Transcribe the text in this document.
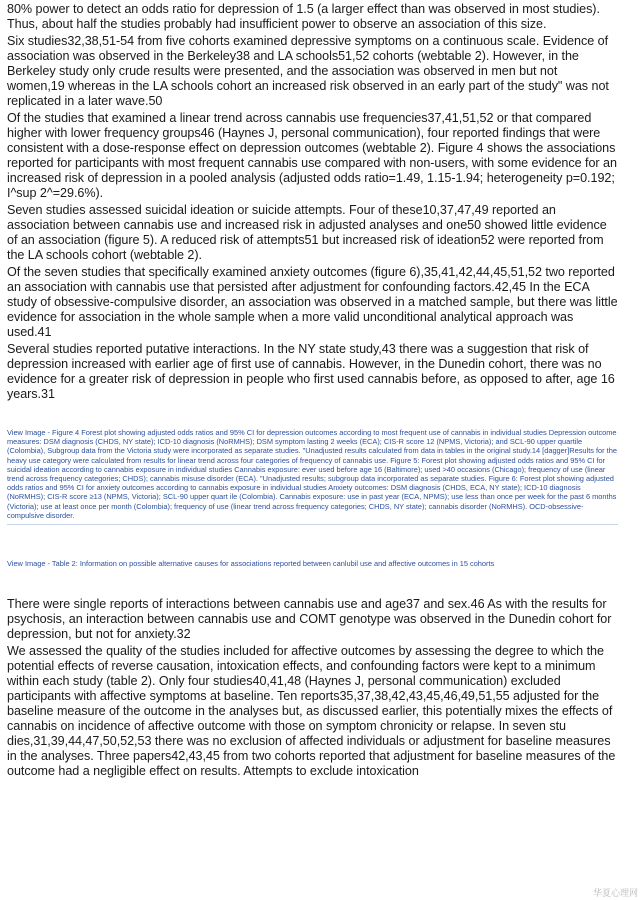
80% power to detect an odds ratio for depression of 1.5 (a larger effect than was observed in most studies). Thus, about half the studies probably had insufficient power to observe an association of this size.

Six studies32,38,51-54 from five cohorts examined depressive symptoms on a continuous scale. Evidence of association was observed in the Berkeley38 and LA schools51,52 cohorts (webtable 2). However, in the Berkeley study only crude results were presented, and the association was observed in men but not women,19 whereas in the LA schools cohort an increased risk observed in an early part of the study" was not replicated in a later wave.50

Of the studies that examined a linear trend across cannabis use frequencies37,41,51,52 or that compared higher with lower frequency groups46 (Haynes J, personal communication), four reported findings that were consistent with a dose-response effect on depression outcomes (webtable 2). Figure 4 shows the associations reported for participants with most frequent cannabis use compared with non-users, with some evidence for an increased risk of depression in a pooled analysis (adjusted odds ratio=1.49, 1.15-1.94; heterogeneity p=0.192; I^sup 2^=29.6%).

Seven studies assessed suicidal ideation or suicide attempts. Four of these10,37,47,49 reported an association between cannabis use and increased risk in adjusted analyses and one50 showed little evidence of an association (figure 5). A reduced risk of attempts51 but increased risk of ideation52 were reported from the LA schools cohort (webtable 2).

Of the seven studies that specifically examined anxiety outcomes (figure 6),35,41,42,44,45,51,52 two reported an association with cannabis use that persisted after adjustment for confounding factors.42,45 In the ECA study of obsessive-compulsive disorder, an association was observed in a matched sample, but there was little evidence for association in the whole sample when a more valid unconditional analytical approach was used.41

Several studies reported putative interactions. In the NY state study,43 there was a suggestion that risk of depression increased with earlier age of first use of cannabis. However, in the Dunedin cohort, there was no evidence for a greater risk of depression in people who first used cannabis before, as opposed to after, age 16 years.31

View Image - Figure 4 Forest plot showing adjusted odds ratios and 95% CI for depression outcomes according to most frequent use of cannabis in individual studies Depression outcome measures: DSM diagnosis (CHDS, NY state); ICD-10 diagnosis (NoRMHS); DSM symptom lasting 2 weeks (ECA); CIS-R score 12 (NPMS, Victoria); and SCL-90 upper quartile (Colombia), Subgroup data from the Victoria study were incorporated as separate studies. "Unadjusted results calculated from data in tables in the original study.14 [dagger]Results for the heavy use category were calculated from results for linear trend across four categories of frequency of cannabis use. Figure 5: Forest plot showing adjusted odds ratios and 95% CI for suicidal ideation according to cannabis exposure in individual studies Cannabis exposure: ever used before age 16 (Baltimore); used >40 occasions (Chicago); frequency of use (linear trend across frequency categories; CHDS); cannabis misuse disorder (ECA). "Unadjusted results; subgroup data incorporated as separate studies. Figure 6: Forest plot showing adjusted odds ratios and 95% CI for anxiety outcomes according to cannabis exposure in individual studies Anxiety outcomes: DSM diagnosis (CHDS, ECA, NY state); ICD-10 diagnosis (NoRMHS); CIS-R score ≥13 (NPMS, Victoria); SCL-90 upper quart ile (Colombia). Cannabis exposure: use in past year (ECA, NPMS); use less than once per week for the past 6 months (Victoria); use at least once per month (Colombia); frequency of use (linear trend across frequency categories; CHDS, NY state); cannabis disorder (NoRMHS). OCD-obsessive-compulsive disorder.

View Image - Table 2: Information on possible alternative causes for associations reported between canlubil use and affective outcomes in 15 cohorts

There were single reports of interactions between cannabis use and age37 and sex.46 As with the results for psychosis, an interaction between cannabis use and COMT genotype was observed in the Dunedin cohort for depression, but not for anxiety.32

We assessed the quality of the studies included for affective outcomes by assessing the degree to which the potential effects of reverse causation, intoxication effects, and confounding factors were kept to a minimum within each study (table 2). Only four studies40,41,48 (Haynes J, personal communication) excluded participants with affective symptoms at baseline. Ten reports35,37,38,42,43,45,46,49,51,55 adjusted for the baseline measure of the outcome in the analyses but, as discussed earlier, this potentially mixes the effects of cannabis on incidence of affective outcome with those on symptom chronicity or relapse. In seven stu dies,31,39,44,47,50,52,53 there was no exclusion of affected individuals or adjustment for baseline measures in the analyses. Three papers42,43,45 from two cohorts reported that adjustment for baseline measures of the outcome had a negligible effect on results. Attempts to exclude intoxication

华夏心理网
